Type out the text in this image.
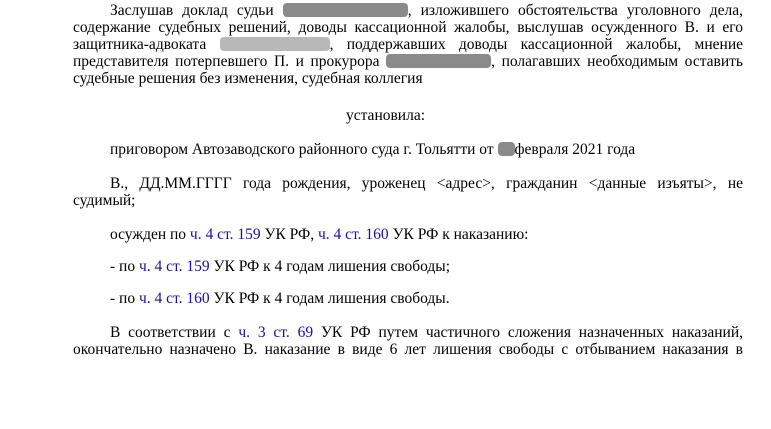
Заслушав доклад судьи	, изложившего обстоятельства уголовного дела,

содержание судебных решений, доводы кассационной жалобы, выслушав осужденного В. и его

защитника-адвоката	, поддержавших доводы кассационной жалобы, мнение

представителя потерпевшего П. и прокурора	, полагавших необходимым оставить

судебные решения без изменения, судебная коллегия

установила:

приговором Автозаводского районного суда г. Тольятти от февраля 2021 года

В., ДД.ММ.ГГГГ года рождения, уроженец <адрес>, гражданин <данные изъяты>, не

судимый;

осужден по ч. 4 ст. 159 УК РФ, ч. 4 ст. 160 УК РФ к наказанию:

- по ч. 4 ст. 159 УК РФ к 4 годам лишения свободы;

- по ч. 4 ст. 160 УК РФ к 4 годам лишения свободы.

В соответствии с ч. 3 ст. 69 УК РФ путем частичного сложения назначенных наказаний,

окончательно назначено В. наказание в виде 6 лет лишения свободы с отбыванием наказания в
